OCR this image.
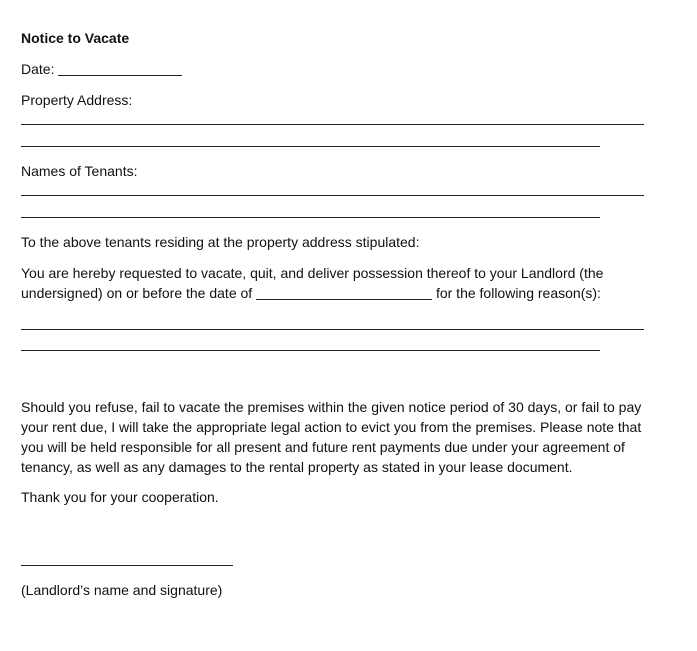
Notice to Vacate
Date:
Property Address:
Names of Tenants:
To the above tenants residing at the property address stipulated:
You are hereby requested to vacate, quit, and deliver possession thereof to your Landlord (the
undersigned) on or before the date of	for the following reason(s):
Should you refuse, fail to vacate the premises within the given notice period of 30 days, or fail to pay
your rent due, I will take the appropriate legal action to evict you from the premises. Please note that
you will be held responsible for all present and future rent payments due under your agreement of
tenancy, as well as any damages to the rental property as stated in your lease document.
Thank you for your cooperation.
(Landlord’s name and signature)
